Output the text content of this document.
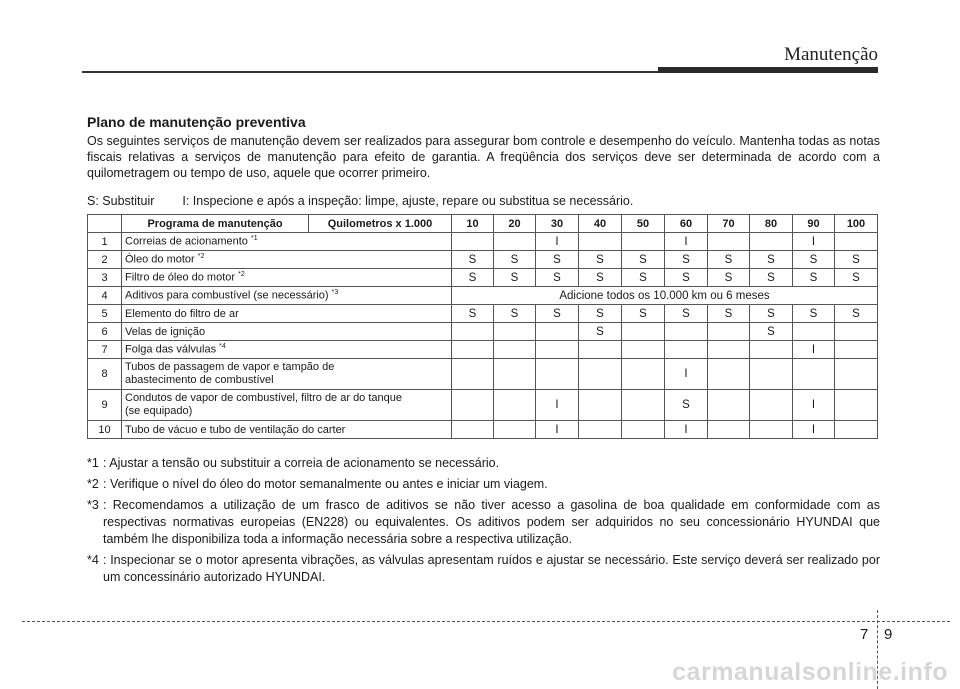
Manutenção
Plano de manutenção preventiva
Os seguintes serviços de manutenção devem ser realizados para assegurar bom controle e desempenho do veículo. Mantenha todas as notas fiscais relativas a serviços de manutenção para efeito de garantia. A freqüência dos serviços deve ser determinada de acordo com a quilometragem ou tempo de uso, aquele que ocorrer primeiro.
S: Substituir I: Inspecione e após a inspeção: limpe, ajuste, repare ou substitua se necessário.
	Programa de manutenção	Quilometros x 1.000	10	20	30	40	50	60	70	80	90	100
1	Correias de acionamento $^{*1}$				I			I			I	
2	Óleo do motor $^{*2}$		S	S	S	S	S	S	S	S	S	S
3	Filtro de óleo do motor $^{*2}$		S	S	S	S	S	S	S	S	S	S
4	Aditivos para combustível (se necessário) $^{*3}$		Adicione todos os 10.000 km ou 6 meses									
5	Elemento do filtro de ar		S	S	S	S	S	S	S	S	S	S
6	Velas de ignição					S				S		
7	Folga das válvulas $^{*4}$										I	
8	Tubos de passagem de vapor e tampão de
abastecimento de combustível							I				
9	Condutos de vapor de combustível, filtro de ar do tanque
(se equipado)				I			S			I	
10	Tubo de vácuo e tubo de ventilação do carter				I			I			I	
*1 : Ajustar a tensão ou substituir a correia de acionamento se necessário.
*2 : Verifique o nível do óleo do motor semanalmente ou antes e iniciar um viagem.
*3 : Recomendamos a utilização de um frasco de aditivos se não tiver acesso a gasolina de boa qualidade em conformidade com as respectivas normativas europeias (EN228) ou equivalentes. Os aditivos podem ser adquiridos no seu concessionário HYUNDAI que também lhe disponibiliza toda a informação necessária sobre a respectiva utilização.
*4 : Inspecionar se o motor apresenta vibrações, as válvulas apresentam ruídos e ajustar se necessário. Este serviço deverá ser realizado por um concessinário autorizado HYUNDAI.
7 9
carmanualsonline.info
